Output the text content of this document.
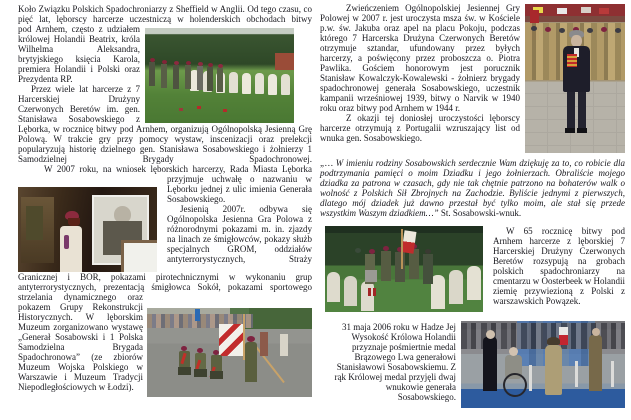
Koło Związku Polskich Spadochroniarzy z Sheffield w Anglii. Od tego czasu, co pięć lat, lęborscy harcerze uczestniczą w holenderskich obchodach bitwy

pod Arnhem, często z udziałem królowej Holandii Beatrix, króla Wilhelma Aleksandra, brytyjskiego księcia Karola, premiera Holandii i Polski oraz Prezydenta RP.

Przez wiele lat harcerze z 7 Harcerskiej Drużyny Czerwonych Beretów im. gen. Stanisława Sosabowskiego z

Lęborka, w rocznicę bitwy pod Arnhem, organizują Ogólnopolską Jesienną Grę Polową. W trakcie gry przy pomocy wystaw, inscenizacji oraz prelekcji popularyzują historię dzielnego gen. Stanisława Sosabowskiego i żołnierzy 1 Samodzielnej Brygady Spadochronowej.

W 2007 roku, na wniosek lęborskich harcerzy, Rada Miasta Lęborka

przyjmuje uchwałę o nazwaniu w Lęborku jednej z ulic imienia Generała Sosabowskiego.

Jesienią 2007r. odbywa się Ogólnopolska Jesienna Gra Polowa z różnorodnymi pokazami m. in. zjazdy na linach ze śmigłowców, pokazy służb specjalnych GROM, oddziałów antyterrorystycznych, Straży

Granicznej i BOR, pokazami pirotechnicznymi w wykonaniu grup antyterrorystycznych, prezentacją śmigłowca Sokół, pokazami sportowego

strzelania dynamicznego oraz pokazem Grupy Rekonstrukcji Historycznych. W lęborskim Muzeum zorganizowano wystawę „Generał Sosabowski i 1 Polska Samodzielna Brygada Spadochronowa” (ze zbiorów Muzeum Wojska Polskiego w Warszawie i Muzeum Tradycji Niepodległościowych w Łodzi).

Zwieńczeniem Ogólnopolskiej Jesiennej Gry Polowej w 2007 r. jest uroczysta msza św. w Kościele p.w. św. Jakuba oraz apel na placu Pokoju, podczas którego 7 Harcerska Drużyna Czerwonych Beretów otrzymuje sztandar, ufundowany przez byłych harcerzy, a poświęcony przez proboszcza o. Piotra Pawlika. Gościem honorowym jest porucznik Stanisław Kowalczyk-Kowalewski - żołnierz brygady spadochronowej generała Sosabowskiego, uczestnik kampanii wrześniowej 1939, bitwy o Narvik w 1940 roku oraz bitwy pod Arnhem w 1944 r.

Z okazji tej doniosłej uroczystości lęborscy harcerze otrzymują z Portugalii wzruszający list od wnuka gen. Sosabowskiego.

„… W imieniu rodziny Sosabowskich serdecznie Wam dziękuję za to, co robicie dla podtrzymania pamięci o moim Dziadku i jego żołnierzach. Obraliście mojego dziadka za patrona w czasach, gdy nie tak chętnie patrzono na bohaterów walk o wolność z Polskich Sił Zbrojnych na Zachodzie. Byliście jednymi z pierwszych, dlatego mój dziadek już dawno przestał być tylko moim, ale stał się przede wszystkim Waszym dziadkiem…” St. Sosabowski-wnuk.

W 65 rocznicę bitwy pod Arnhem harcerze z lęborskiej 7 Harcerskiej Drużyny Czerwonych Beretów rozsypują na grobach polskich spadochroniarzy na cmentarzu w Oosterbeek w Holandii ziemię przywiezioną z Polski z warszawskich Powązek.

31 maja 2006 roku w Hadze Jej Wysokość Królowa Holandii przyznaje pośmiertnie medal Brązowego Lwa generałowi Stanisławowi Sosabowskiemu. Z rąk Królowej medal przyjęli dwaj wnukowie generała Sosabowskiego.
